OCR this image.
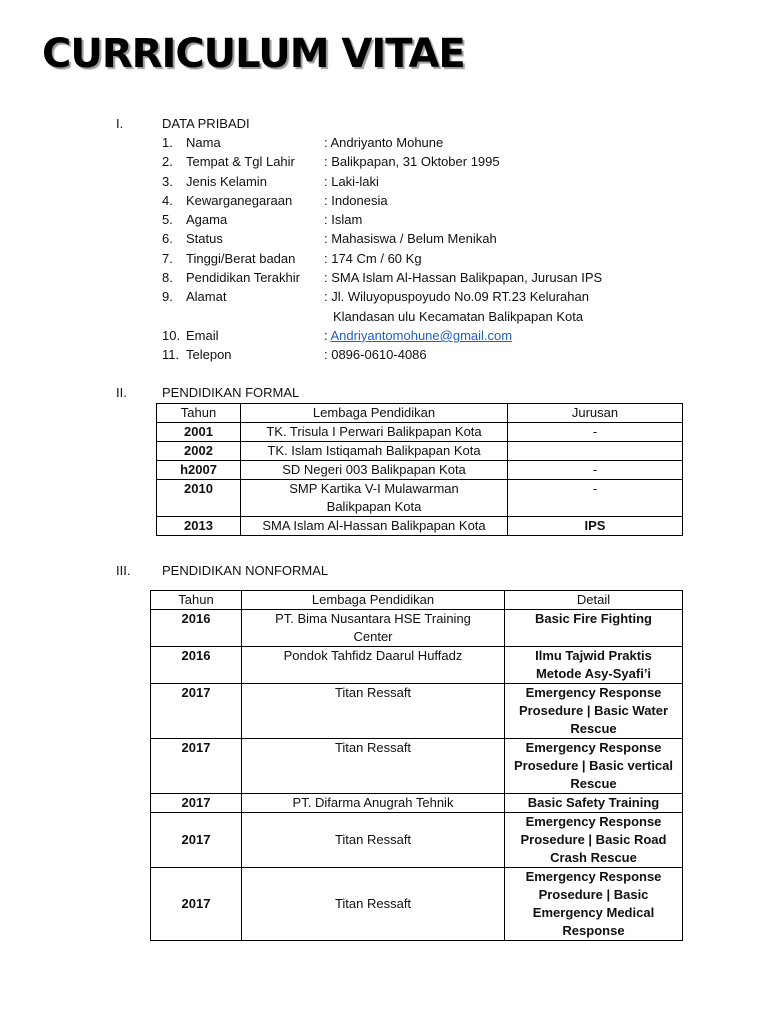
CURRICULUM VITAE
I.	DATA PRIBADI
1. Nama	: Andriyanto Mohune
2. Tempat & Tgl Lahir : Balikpapan, 31 Oktober 1995
3. Jenis Kelamin	: Laki-laki
4. Kewarganegaraan : Indonesia
5. Agama	: Islam
6. Status	: Mahasiswa / Belum Menikah
7. Tinggi/Berat badan : 174 Cm / 60 Kg
8. Pendidikan Terakhir : SMA Islam Al-Hassan Balikpapan, Jurusan IPS
9. Alamat	: Jl. Wiluyopuspoyudo No.09 RT.23 Kelurahan
Klandasan ulu Kecamatan Balikpapan Kota
10. Email	: Andriyantomohune@gmail.com
11. Telepon	: 0896-0610-4086
II.	PENDIDIKAN FORMAL
Tahun	Lembaga Pendidikan	Jurusan
2001	TK. Trisula I Perwari Balikpapan Kota	-
2002	TK. Islam Istiqamah Balikpapan Kota	
h2007	SD Negeri 003 Balikpapan Kota	-
2010	SMP Kartika V-I Mulawarman Balikpapan Kota	-
2013	SMA Islam Al-Hassan Balikpapan Kota	IPS
III. PENDIDIKAN NONFORMAL
Tahun	Lembaga Pendidikan	Detail
2016	PT. Bima Nusantara HSE Training Center	Basic Fire Fighting
2016	Pondok Tahfidz Daarul Huffadz	Ilmu Tajwid Praktis Metode Asy-Syafi’i
2017	Titan Ressaft	Emergency Response Prosedure | Basic Water Rescue
2017	Titan Ressaft	Emergency Response Prosedure | Basic vertical Rescue
2017	PT. Difarma Anugrah Tehnik	Basic Safety Training
2017	Titan Ressaft	Emergency Response Prosedure | Basic Road Crash Rescue
2017	Titan Ressaft	Emergency Response Prosedure | Basic Emergency Medical Response
